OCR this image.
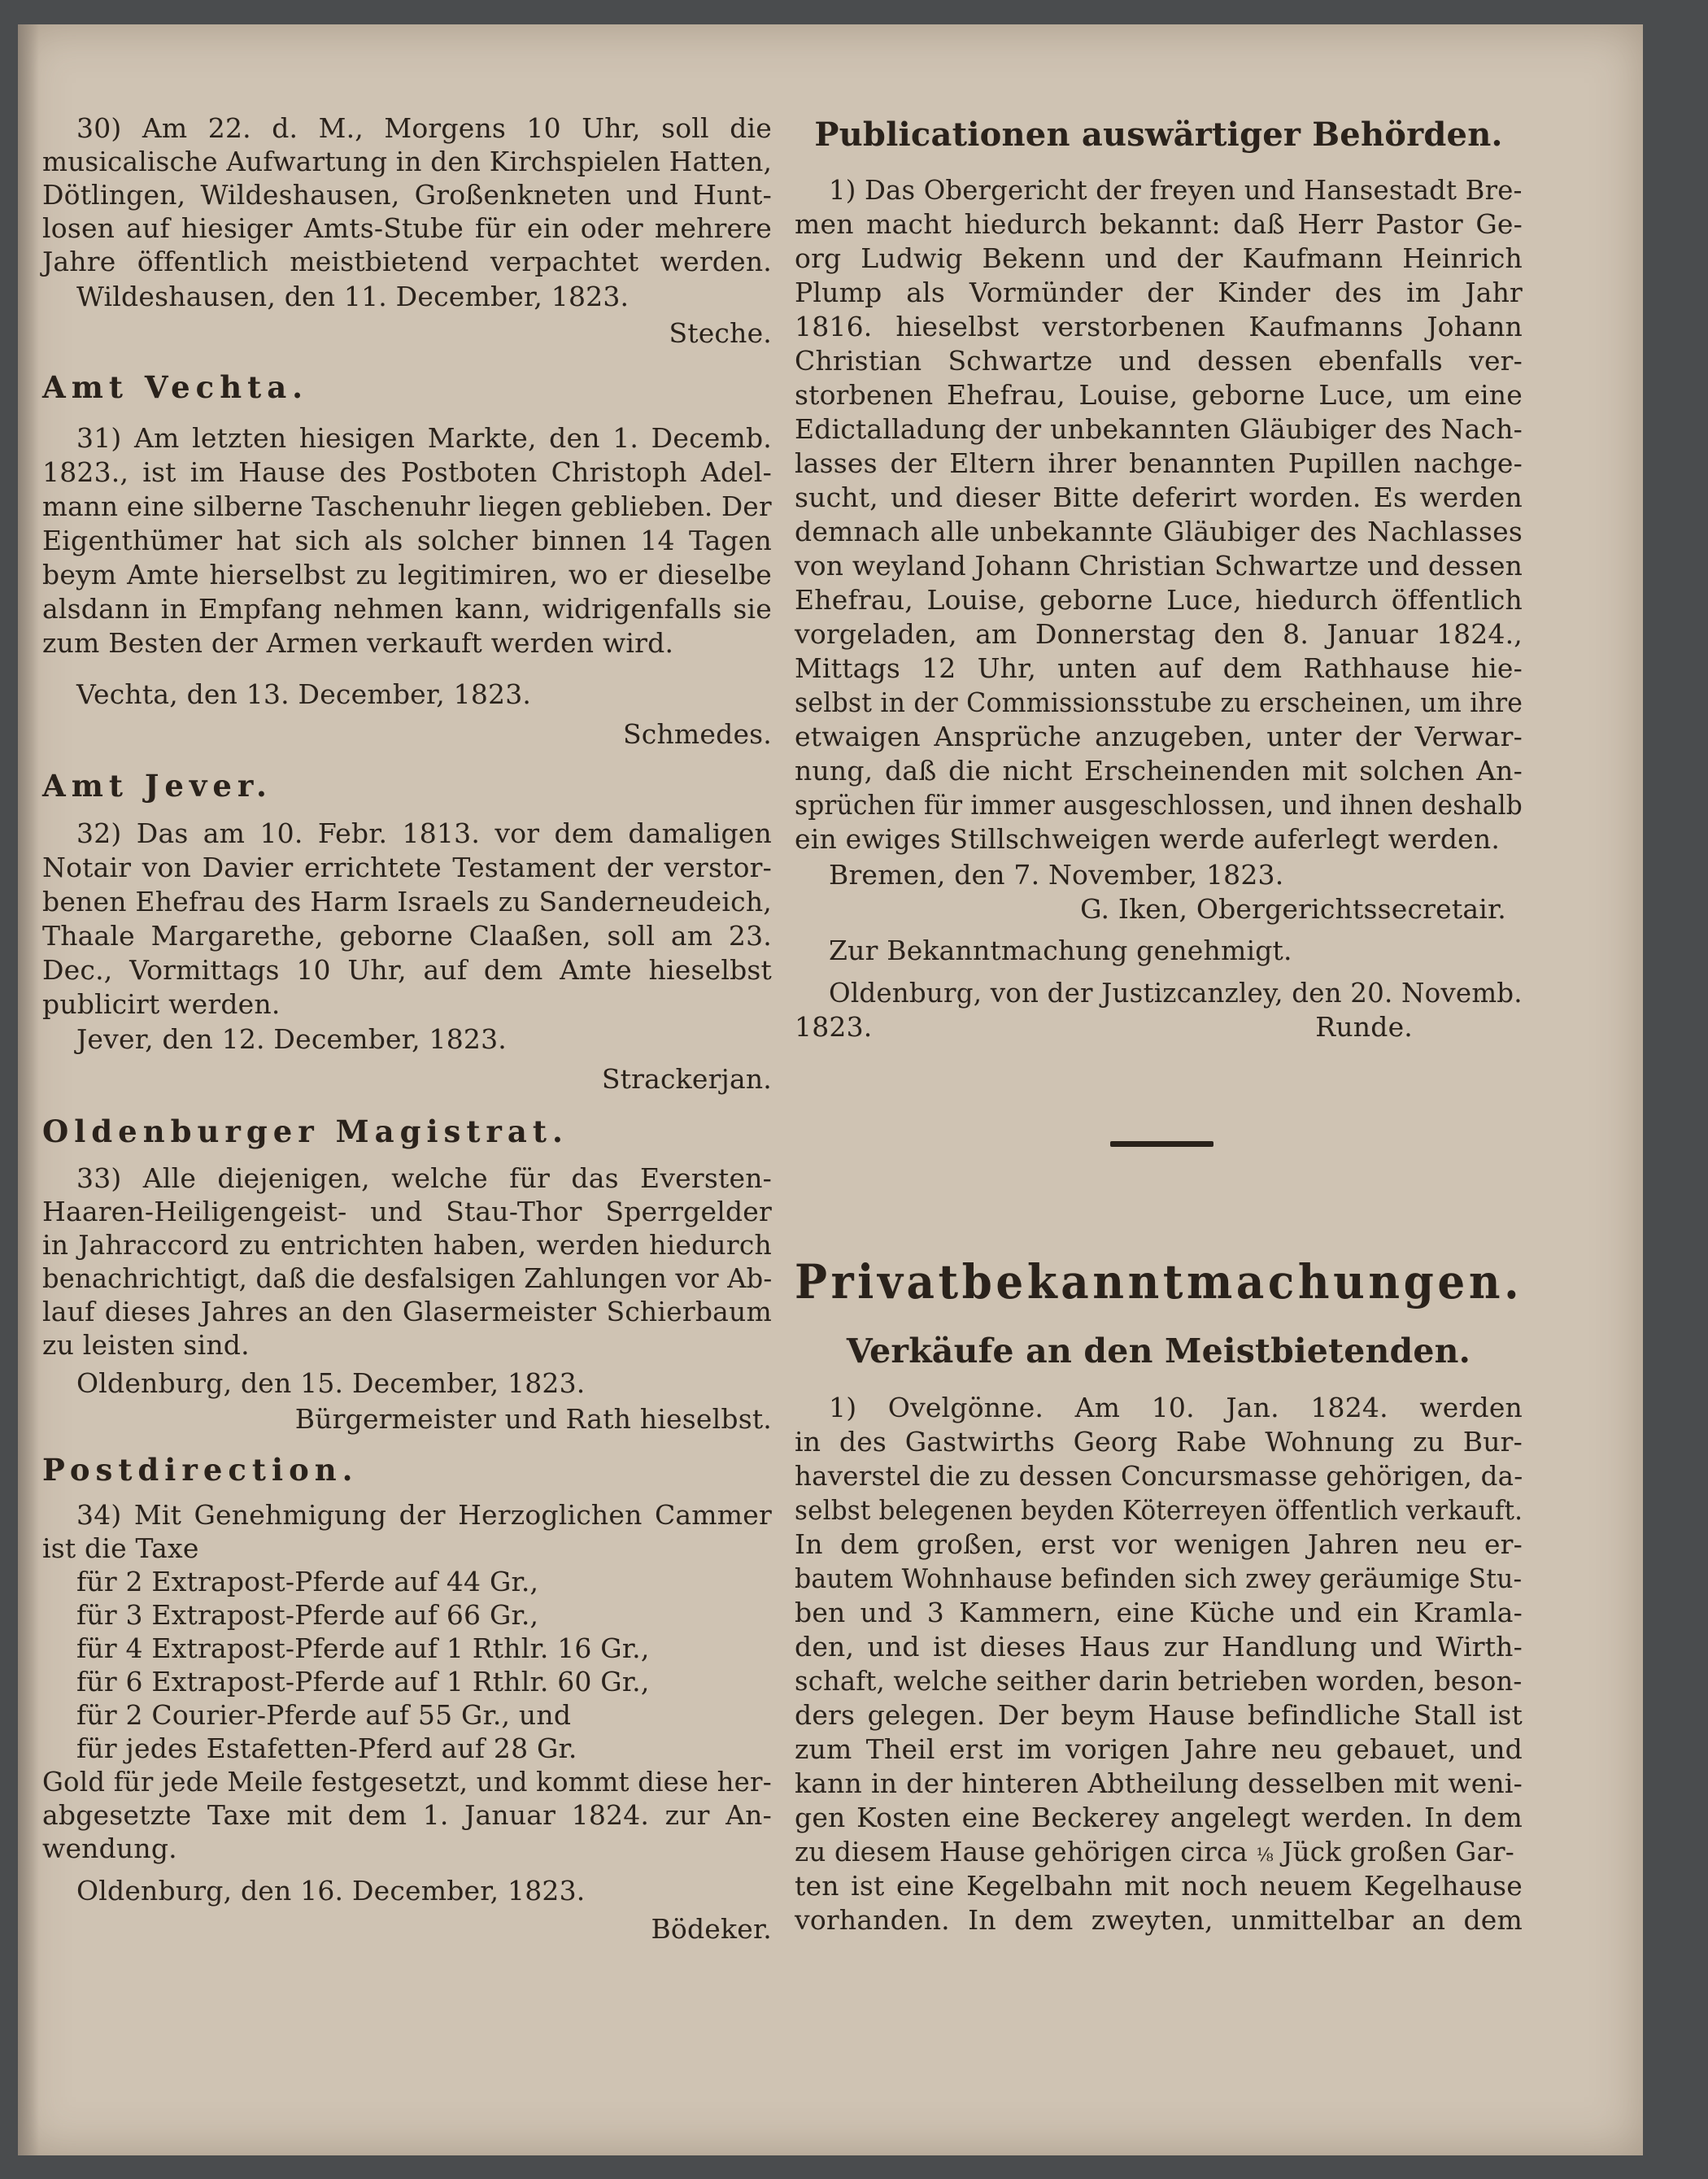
30) Am 22. d. M., Morgens 10 Uhr, soll die
musicalische Aufwartung in den Kirchspielen Hatten,
Dötlingen, Wildeshausen, Großenkneten und Hunt-
losen auf hiesiger Amts-Stube für ein oder mehrere
Jahre öffentlich meistbietend verpachtet werden.
Wildeshausen, den 11. December, 1823.
Steche.
Amt Vechta.
31) Am letzten hiesigen Markte, den 1. Decemb.
1823., ist im Hause des Postboten Christoph Adel-
mann eine silberne Taschenuhr liegen geblieben. Der
Eigenthümer hat sich als solcher binnen 14 Tagen
beym Amte hierselbst zu legitimiren, wo er dieselbe
alsdann in Empfang nehmen kann, widrigenfalls sie
zum Besten der Armen verkauft werden wird.
Vechta, den 13. December, 1823.
Schmedes.
Amt Jever.
32) Das am 10. Febr. 1813. vor dem damaligen
Notair von Davier errichtete Testament der verstor-
benen Ehefrau des Harm Israels zu Sanderneudeich,
Thaale Margarethe, geborne Claaßen, soll am 23.
Dec., Vormittags 10 Uhr, auf dem Amte hieselbst
publicirt werden.
Jever, den 12. December, 1823.
Strackerjan.
Oldenburger Magistrat.
33) Alle diejenigen, welche für das Eversten-
Haaren-Heiligengeist- und Stau-Thor Sperrgelder
in Jahraccord zu entrichten haben, werden hiedurch
benachrichtigt, daß die desfalsigen Zahlungen vor Ab-
lauf dieses Jahres an den Glasermeister Schierbaum
zu leisten sind.
Oldenburg, den 15. December, 1823.
Bürgermeister und Rath hieselbst.
Postdirection.
34) Mit Genehmigung der Herzoglichen Cammer
ist die Taxe
für 2 Extrapost-Pferde auf 44 Gr.,
für 3 Extrapost-Pferde auf 66 Gr.,
für 4 Extrapost-Pferde auf 1 Rthlr. 16 Gr.,
für 6 Extrapost-Pferde auf 1 Rthlr. 60 Gr.,
für 2 Courier-Pferde auf 55 Gr., und
für jedes Estafetten-Pferd auf 28 Gr.
Gold für jede Meile festgesetzt, und kommt diese her-
abgesetzte Taxe mit dem 1. Januar 1824. zur An-
wendung.
Oldenburg, den 16. December, 1823.
Bödeker.
Publicationen auswärtiger Behörden.
1) Das Obergericht der freyen und Hansestadt Bre-
men macht hiedurch bekannt: daß Herr Pastor Ge-
org Ludwig Bekenn und der Kaufmann Heinrich
Plump als Vormünder der Kinder des im Jahr
1816. hieselbst verstorbenen Kaufmanns Johann
Christian Schwartze und dessen ebenfalls ver-
storbenen Ehefrau, Louise, geborne Luce, um eine
Edictalladung der unbekannten Gläubiger des Nach-
lasses der Eltern ihrer benannten Pupillen nachge-
sucht, und dieser Bitte deferirt worden. Es werden
demnach alle unbekannte Gläubiger des Nachlasses
von weyland Johann Christian Schwartze und dessen
Ehefrau, Louise, geborne Luce, hiedurch öffentlich
vorgeladen, am Donnerstag den 8. Januar 1824.,
Mittags 12 Uhr, unten auf dem Rathhause hie-
selbst in der Commissionsstube zu erscheinen, um ihre
etwaigen Ansprüche anzugeben, unter der Verwar-
nung, daß die nicht Erscheinenden mit solchen An-
sprüchen für immer ausgeschlossen, und ihnen deshalb
ein ewiges Stillschweigen werde auferlegt werden.
Bremen, den 7. November, 1823.
G. Iken, Obergerichtssecretair.
Zur Bekanntmachung genehmigt.
Oldenburg, von der Justizcanzley, den 20. Novemb.
1823.	Runde.
Privatbekanntmachungen.
Verkäufe an den Meistbietenden.
1) Ovelgönne. Am 10. Jan. 1824. werden
in des Gastwirths Georg Rabe Wohnung zu Bur-
haverstel die zu dessen Concursmasse gehörigen, da-
selbst belegenen beyden Köterreyen öffentlich verkauft.
In dem großen, erst vor wenigen Jahren neu er-
bautem Wohnhause befinden sich zwey geräumige Stu-
ben und 3 Kammern, eine Küche und ein Kramla-
den, und ist dieses Haus zur Handlung und Wirth-
schaft, welche seither darin betrieben worden, beson-
ders gelegen. Der beym Hause befindliche Stall ist
zum Theil erst im vorigen Jahre neu gebauet, und
kann in der hinteren Abtheilung desselben mit weni-
gen Kosten eine Beckerey angelegt werden. In dem
zu diesem Hause gehörigen circa ⅛ Jück großen Gar-
ten ist eine Kegelbahn mit noch neuem Kegelhause
vorhanden. In dem zweyten, unmittelbar an dem
